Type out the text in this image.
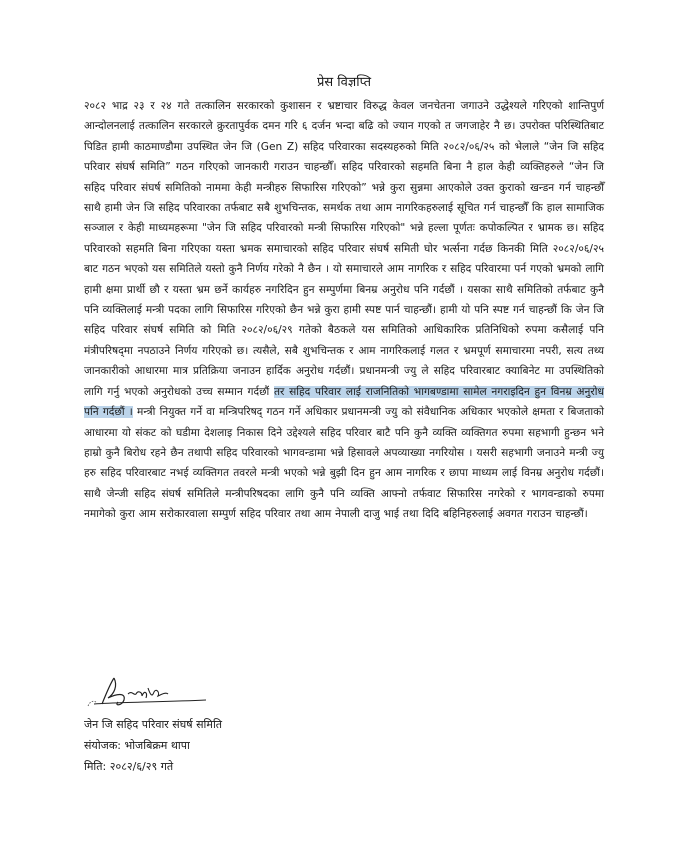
प्रेस विज्ञप्ति

२०८२ भाद्र २३ र २४ गते तत्कालिन सरकारको कुशासन र भ्रष्टाचार विरुद्ध केवल जनचेतना जगाउने उद्धेश्यले गरिएको शान्तिपुर्ण आन्दोलनलाई तत्कालिन सरकारले क्रुरतापुर्वक दमन गरि ६ दर्जन भन्दा बढि को ज्यान गएको त जगजाहेर नै छ। उपरोक्त परिस्थितिबाट पिडित हामी काठमाण्डौमा उपस्थित जेन जि (Gen Z) सहिद परिवारका सदस्यहरुको मिति २०८२/०६/२५ को भेलाले “जेन जि सहिद परिवार संघर्ष समिति” गठन गरिएको जानकारी गराउन चाहन्छौँ। सहिद परिवारको सहमति बिना नै हाल केही व्यक्तिहरुले “जेन जि सहिद परिवार संघर्ष समितिको नाममा केही मन्त्रीहरु सिफारिस गरिएको” भन्ने कुरा सुन्नमा आएकोले उक्त कुराको खन्डन गर्न चाहन्छौँ साथै हामी जेन जि सहिद परिवारका तर्फबाट सबै शुभचिन्तक, समर्थक तथा आम नागरिकहरुलाई सूचित गर्न चाहन्छौँ कि हाल सामाजिक सञ्जाल र केही माध्यमहरूमा "जेन जि सहिद परिवारको मन्त्री सिफारिस गरिएको" भन्ने हल्ला पूर्णतः कपोकल्पित र भ्रामक छ। सहिद परिवारको सहमति बिना गरिएका यस्ता भ्रमक समाचारको सहिद परिवार संघर्ष समिती घोर भर्त्सना गर्दछ किनकी मिति २०८२/०६/२५ बाट गठन भएको यस समितिले यस्तो कुनै निर्णय गरेको नै छैन । यो समाचारले आम नागरिक र सहिद परिवारमा पर्न गएको भ्रमको लागि हामी क्षमा प्रार्थी छौ र यस्ता भ्रम छर्ने कार्यहरु नगरिदिन हुन सम्पुर्णमा बिनम्र अनुरोध पनि गर्दछौं । यसका साथै समितिको तर्फबाट कुनै पनि व्यक्तिलाई मन्त्री पदका लागि सिफारिस गरिएको छैन भन्ने कुरा हामी स्पष्ट पार्न चाहन्छौं। हामी यो पनि स्पष्ट गर्न चाहन्छौं कि जेन जि सहिद परिवार संघर्ष समिति को मिति २०८२/०६/२९ गतेको बैठकले यस समितिको आधिकारिक प्रतिनिधिको रुपमा कसैलाई पनि मंत्रीपरिषद्‌मा नपठाउने निर्णय गरिएको छ। त्यसैले, सबै शुभचिन्तक र आम नागरिकलाई गलत र भ्रमपूर्ण समाचारमा नपरी, सत्य तथ्य जानकारीको आधारमा मात्र प्रतिक्रिया जनाउन हार्दिक अनुरोध गर्दछौं। प्रधानमन्त्री ज्यु ले सहिद परिवारबाट क्याबिनेट मा उपस्थितिको लागि गर्नु भएको अनुरोधको उच्च सम्मान गर्दछौं तर सहिद परिवार लाई राजनितिको भागबण्डामा सामेल नगराइदिन हुन विनम्र अनुरोध पनि गर्दछौं । मन्त्री नियुक्त गर्ने वा मन्त्रिपरिषद् गठन गर्ने अधिकार प्रधानमन्त्री ज्यु को संवैधानिक अधिकार भएकोले क्षमता र बिजताको आधारमा यो संकट को घडीमा देशलाइ निकास दिने उद्देश्यले सहिद परिवार बाटै पनि कुनै व्यक्ति व्यक्तिगत रुपमा सहभागी हुन्छन भने हाम्रो कुनै बिरोध रहने छैन तथापी सहिद परिवारको भागवन्डामा भन्ने हिसावले अपव्याख्या नगरियोस । यसरी सहभागी जनाउने मन्त्री ज्यु हरु सहिद परिवारबाट नभई व्यक्तिगत तवरले मन्त्री भएको भन्ने बुझी दिन हुन आम नागरिक र छापा माध्यम लाई विनम्र अनुरोध गर्दछौं। साथै जेन्जी सहिद संघर्ष समितिले मन्त्रीपरिषदका लागि कुनै पनि व्यक्ति आफ्नो तर्फवाट सिफारिस नगरेको र भागवन्डाको रुपमा नमागेको कुरा आम सरोकारवाला सम्पुर्ण सहिद परिवार तथा आम नेपाली दाजु भाई तथा दिदि बहिनिहरुलाई अवगत गराउन चाहन्छौं।

जेन जि सहिद परिवार संघर्ष समिति
संयोजक: भोजबिक्रम थापा
मिति: २०८२/६/२९ गते
